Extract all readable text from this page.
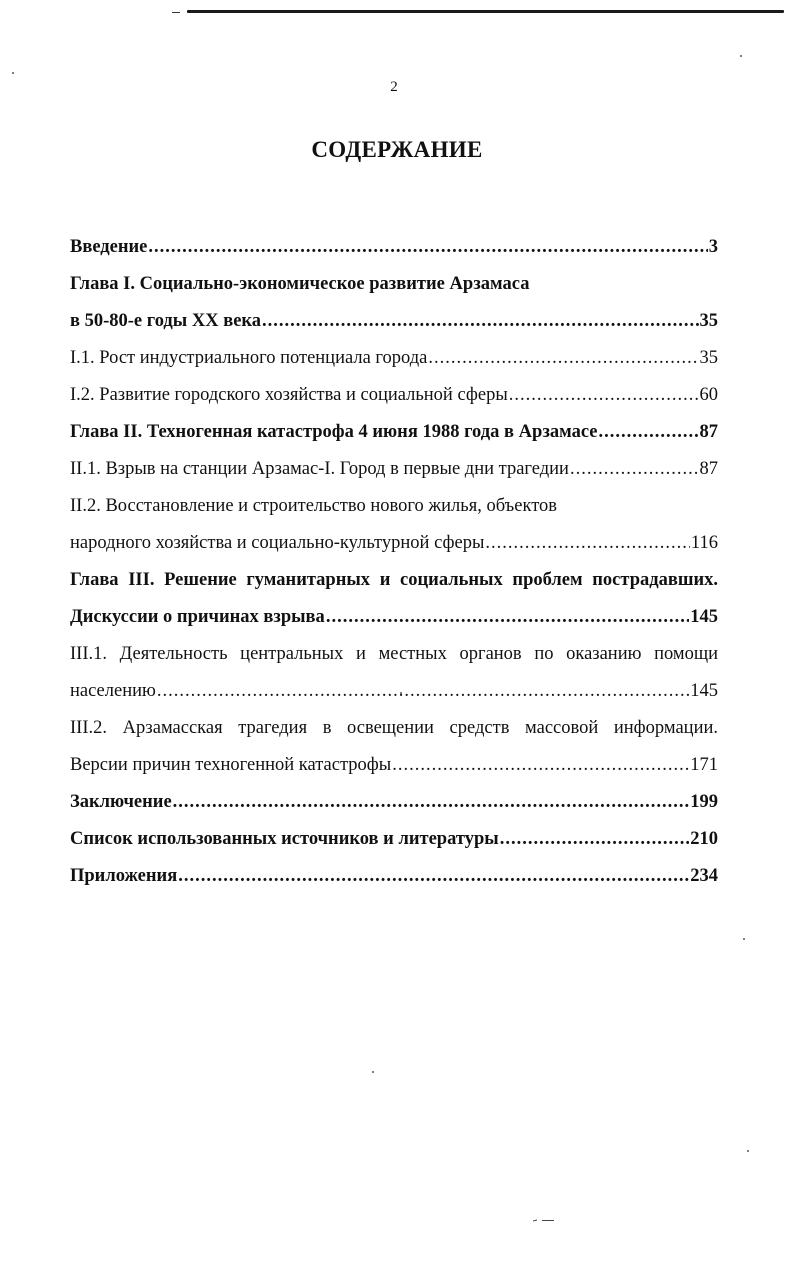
2
СОДЕРЖАНИЕ
Введение .....	3
Глава I. Социально-экономическое развитие Арзамаса
в 50-80-е годы XX века .....	35
I.1. Рост индустриального потенциала города .....	35
I.2. Развитие городского хозяйства и социальной сферы .....	60
Глава II. Техногенная катастрофа 4 июня 1988 года в Арзамасе .....	87
II.1. Взрыв на станции Арзамас-I. Город в первые дни трагедии .....	87
II.2. Восстановление и строительство нового жилья, объектов
народного хозяйства и социально-культурной сферы .....	116
Глава III. Решение гуманитарных и социальных проблем пострадавших.
Дискуссии о причинах взрыва .....	145
III.1. Деятельность центральных и местных органов по оказанию помощи
населению .....	145
III.2. Арзамасская трагедия в освещении средств массовой информации.
Версии причин техногенной катастрофы .....	171
Заключение .....	199
Список использованных источников и литературы .....	210
Приложения .....	234
